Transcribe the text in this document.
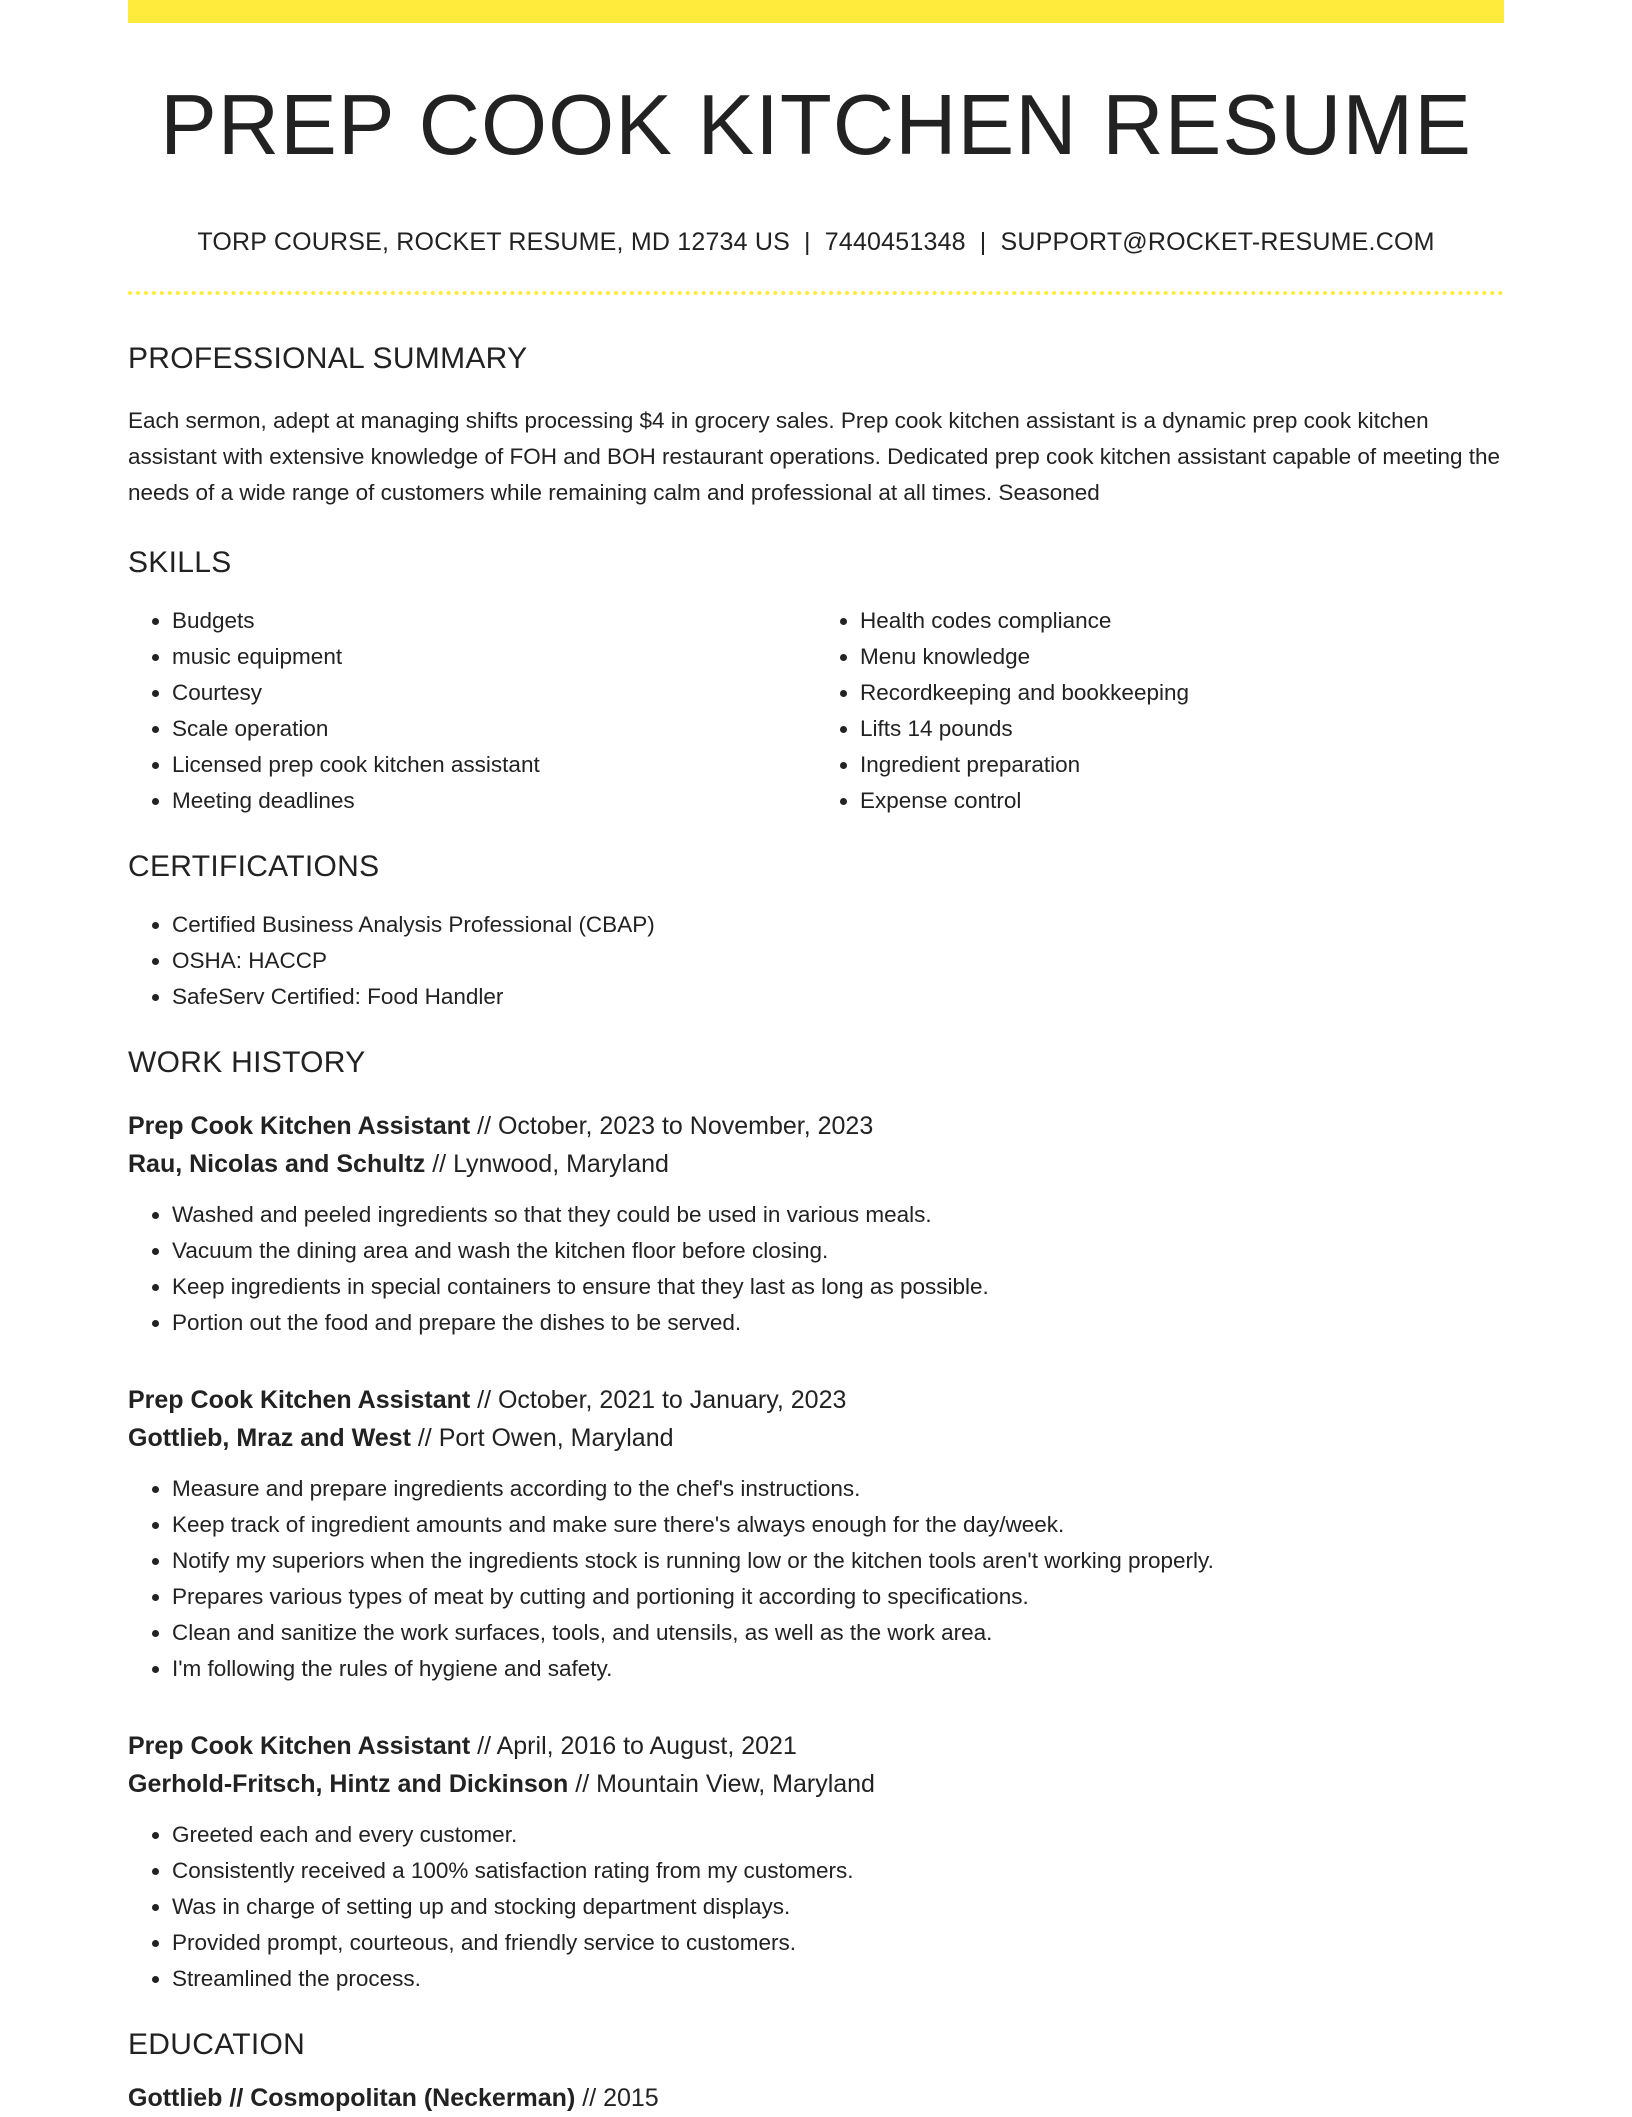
PREP COOK KITCHEN RESUME
TORP COURSE, ROCKET RESUME, MD 12734 US | 7440451348 | SUPPORT@ROCKET-RESUME.COM
PROFESSIONAL SUMMARY

Each sermon, adept at managing shifts processing $4 in grocery sales. Prep cook kitchen assistant is a dynamic prep cook kitchen assistant with extensive knowledge of FOH and BOH restaurant operations. Dedicated prep cook kitchen assistant capable of meeting the needs of a wide range of customers while remaining calm and professional at all times. Seasoned

SKILLS
• Budgets
• music equipment
• Courtesy
• Scale operation
• Licensed prep cook kitchen assistant
• Meeting deadlines
• Health codes compliance
• Menu knowledge
• Recordkeeping and bookkeeping
• Lifts 14 pounds
• Ingredient preparation
• Expense control
CERTIFICATIONS
• Certified Business Analysis Professional (CBAP)
• OSHA: HACCP
• SafeServ Certified: Food Handler
WORK HISTORY
Prep Cook Kitchen Assistant // October, 2023 to November, 2023
Rau, Nicolas and Schultz // Lynwood, Maryland
• Washed and peeled ingredients so that they could be used in various meals.
• Vacuum the dining area and wash the kitchen floor before closing.
• Keep ingredients in special containers to ensure that they last as long as possible.
• Portion out the food and prepare the dishes to be served.
Prep Cook Kitchen Assistant // October, 2021 to January, 2023
Gottlieb, Mraz and West // Port Owen, Maryland
• Measure and prepare ingredients according to the chef's instructions.
• Keep track of ingredient amounts and make sure there's always enough for the day/week.
• Notify my superiors when the ingredients stock is running low or the kitchen tools aren't working properly.
• Prepares various types of meat by cutting and portioning it according to specifications.
• Clean and sanitize the work surfaces, tools, and utensils, as well as the work area.
• I'm following the rules of hygiene and safety.
Prep Cook Kitchen Assistant // April, 2016 to August, 2021
Gerhold-Fritsch, Hintz and Dickinson // Mountain View, Maryland
• Greeted each and every customer.
• Consistently received a 100% satisfaction rating from my customers.
• Was in charge of setting up and stocking department displays.
• Provided prompt, courteous, and friendly service to customers.
• Streamlined the process.
EDUCATION
Gottlieb // Cosmopolitan (Neckerman) // 2015
